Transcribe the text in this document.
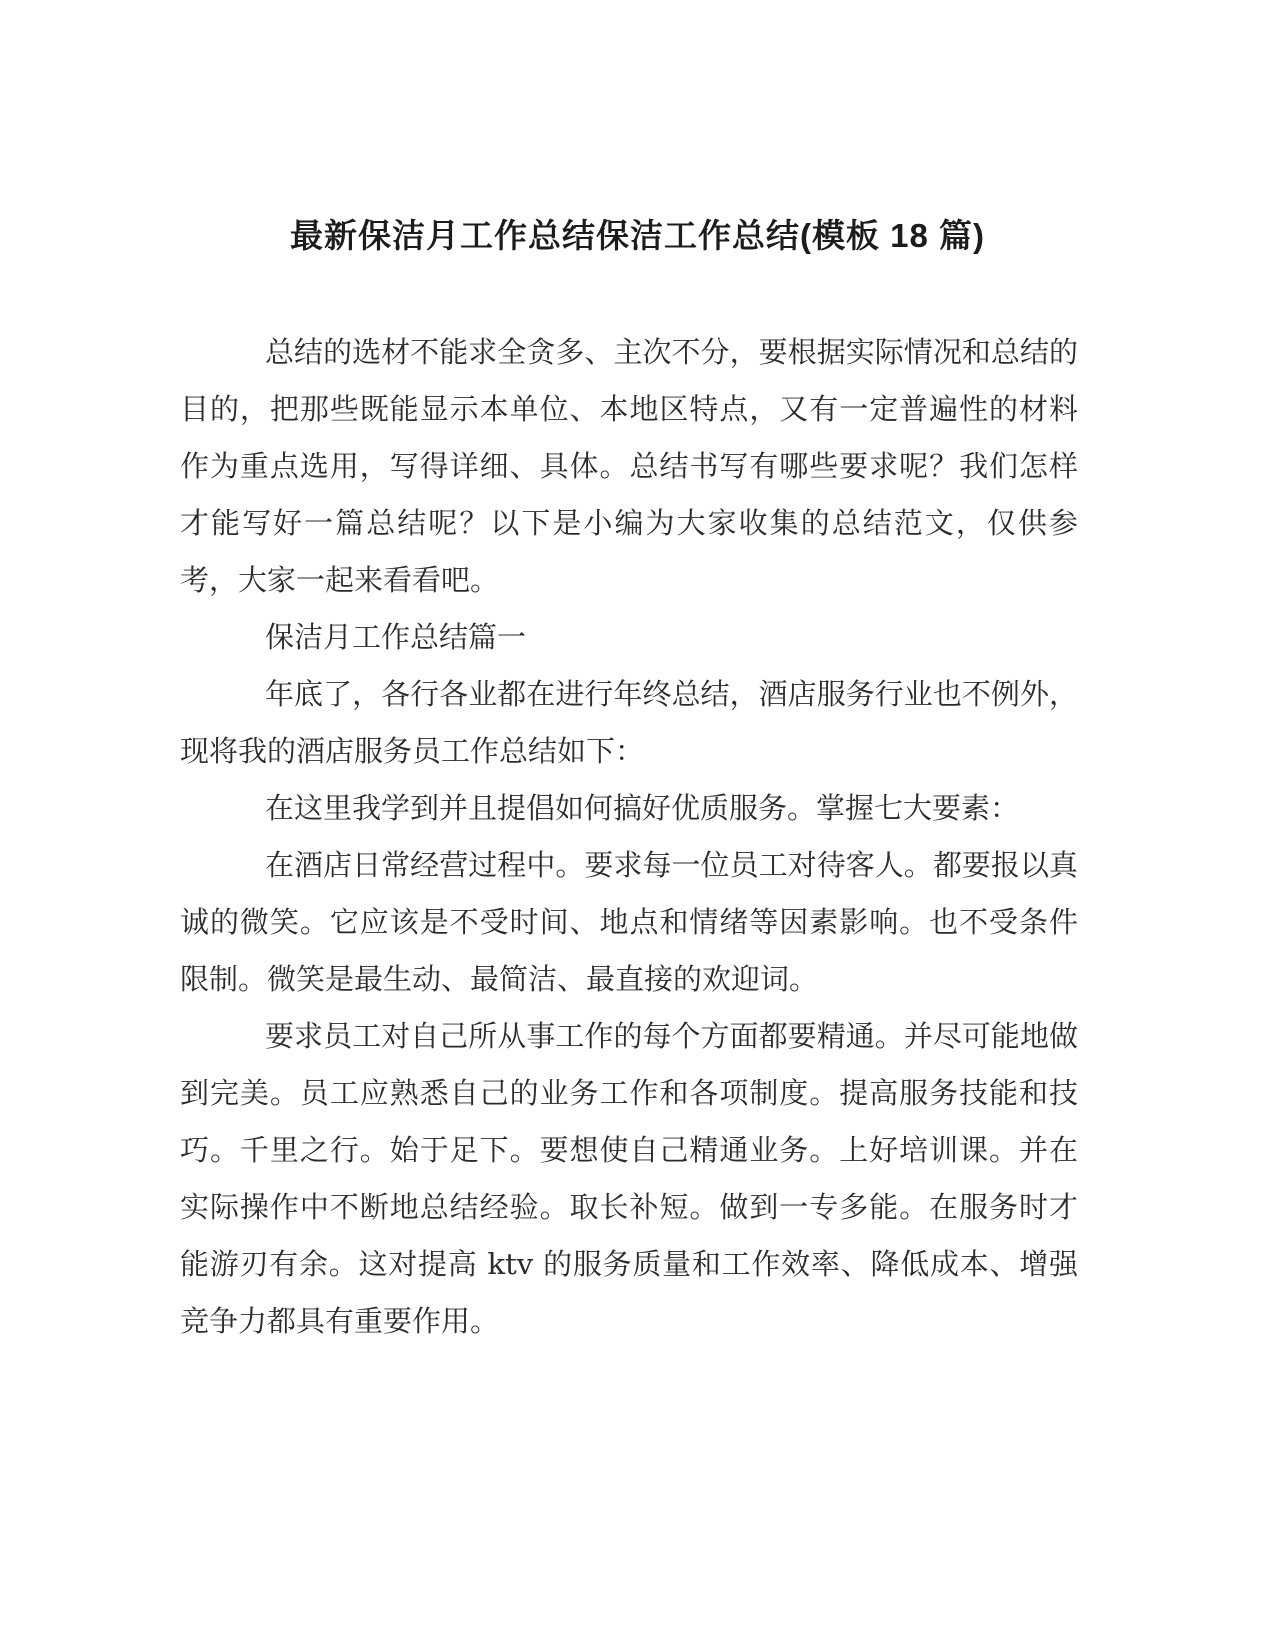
最新保洁月工作总结保洁工作总结(模板 18 篇)

总结的选材不能求全贪多、主次不分，要根据实际情况和总结的目的，把那些既能显示本单位、本地区特点，又有一定普遍性的材料作为重点选用，写得详细、具体。总结书写有哪些要求呢？我们怎样才能写好一篇总结呢？以下是小编为大家收集的总结范文，仅供参考，大家一起来看看吧。

保洁月工作总结篇一

年底了，各行各业都在进行年终总结，酒店服务行业也不例外，现将我的酒店服务员工作总结如下：

在这里我学到并且提倡如何搞好优质服务。掌握七大要素：

在酒店日常经营过程中。要求每一位员工对待客人。都要报以真诚的微笑。它应该是不受时间、地点和情绪等因素影响。也不受条件限制。微笑是最生动、最简洁、最直接的欢迎词。

要求员工对自己所从事工作的每个方面都要精通。并尽可能地做到完美。员工应熟悉自己的业务工作和各项制度。提高服务技能和技巧。千里之行。始于足下。要想使自己精通业务。上好培训课。并在实际操作中不断地总结经验。取长补短。做到一专多能。在服务时才能游刃有余。这对提高 ktv 的服务质量和工作效率、降低成本、增强竞争力都具有重要作用。
